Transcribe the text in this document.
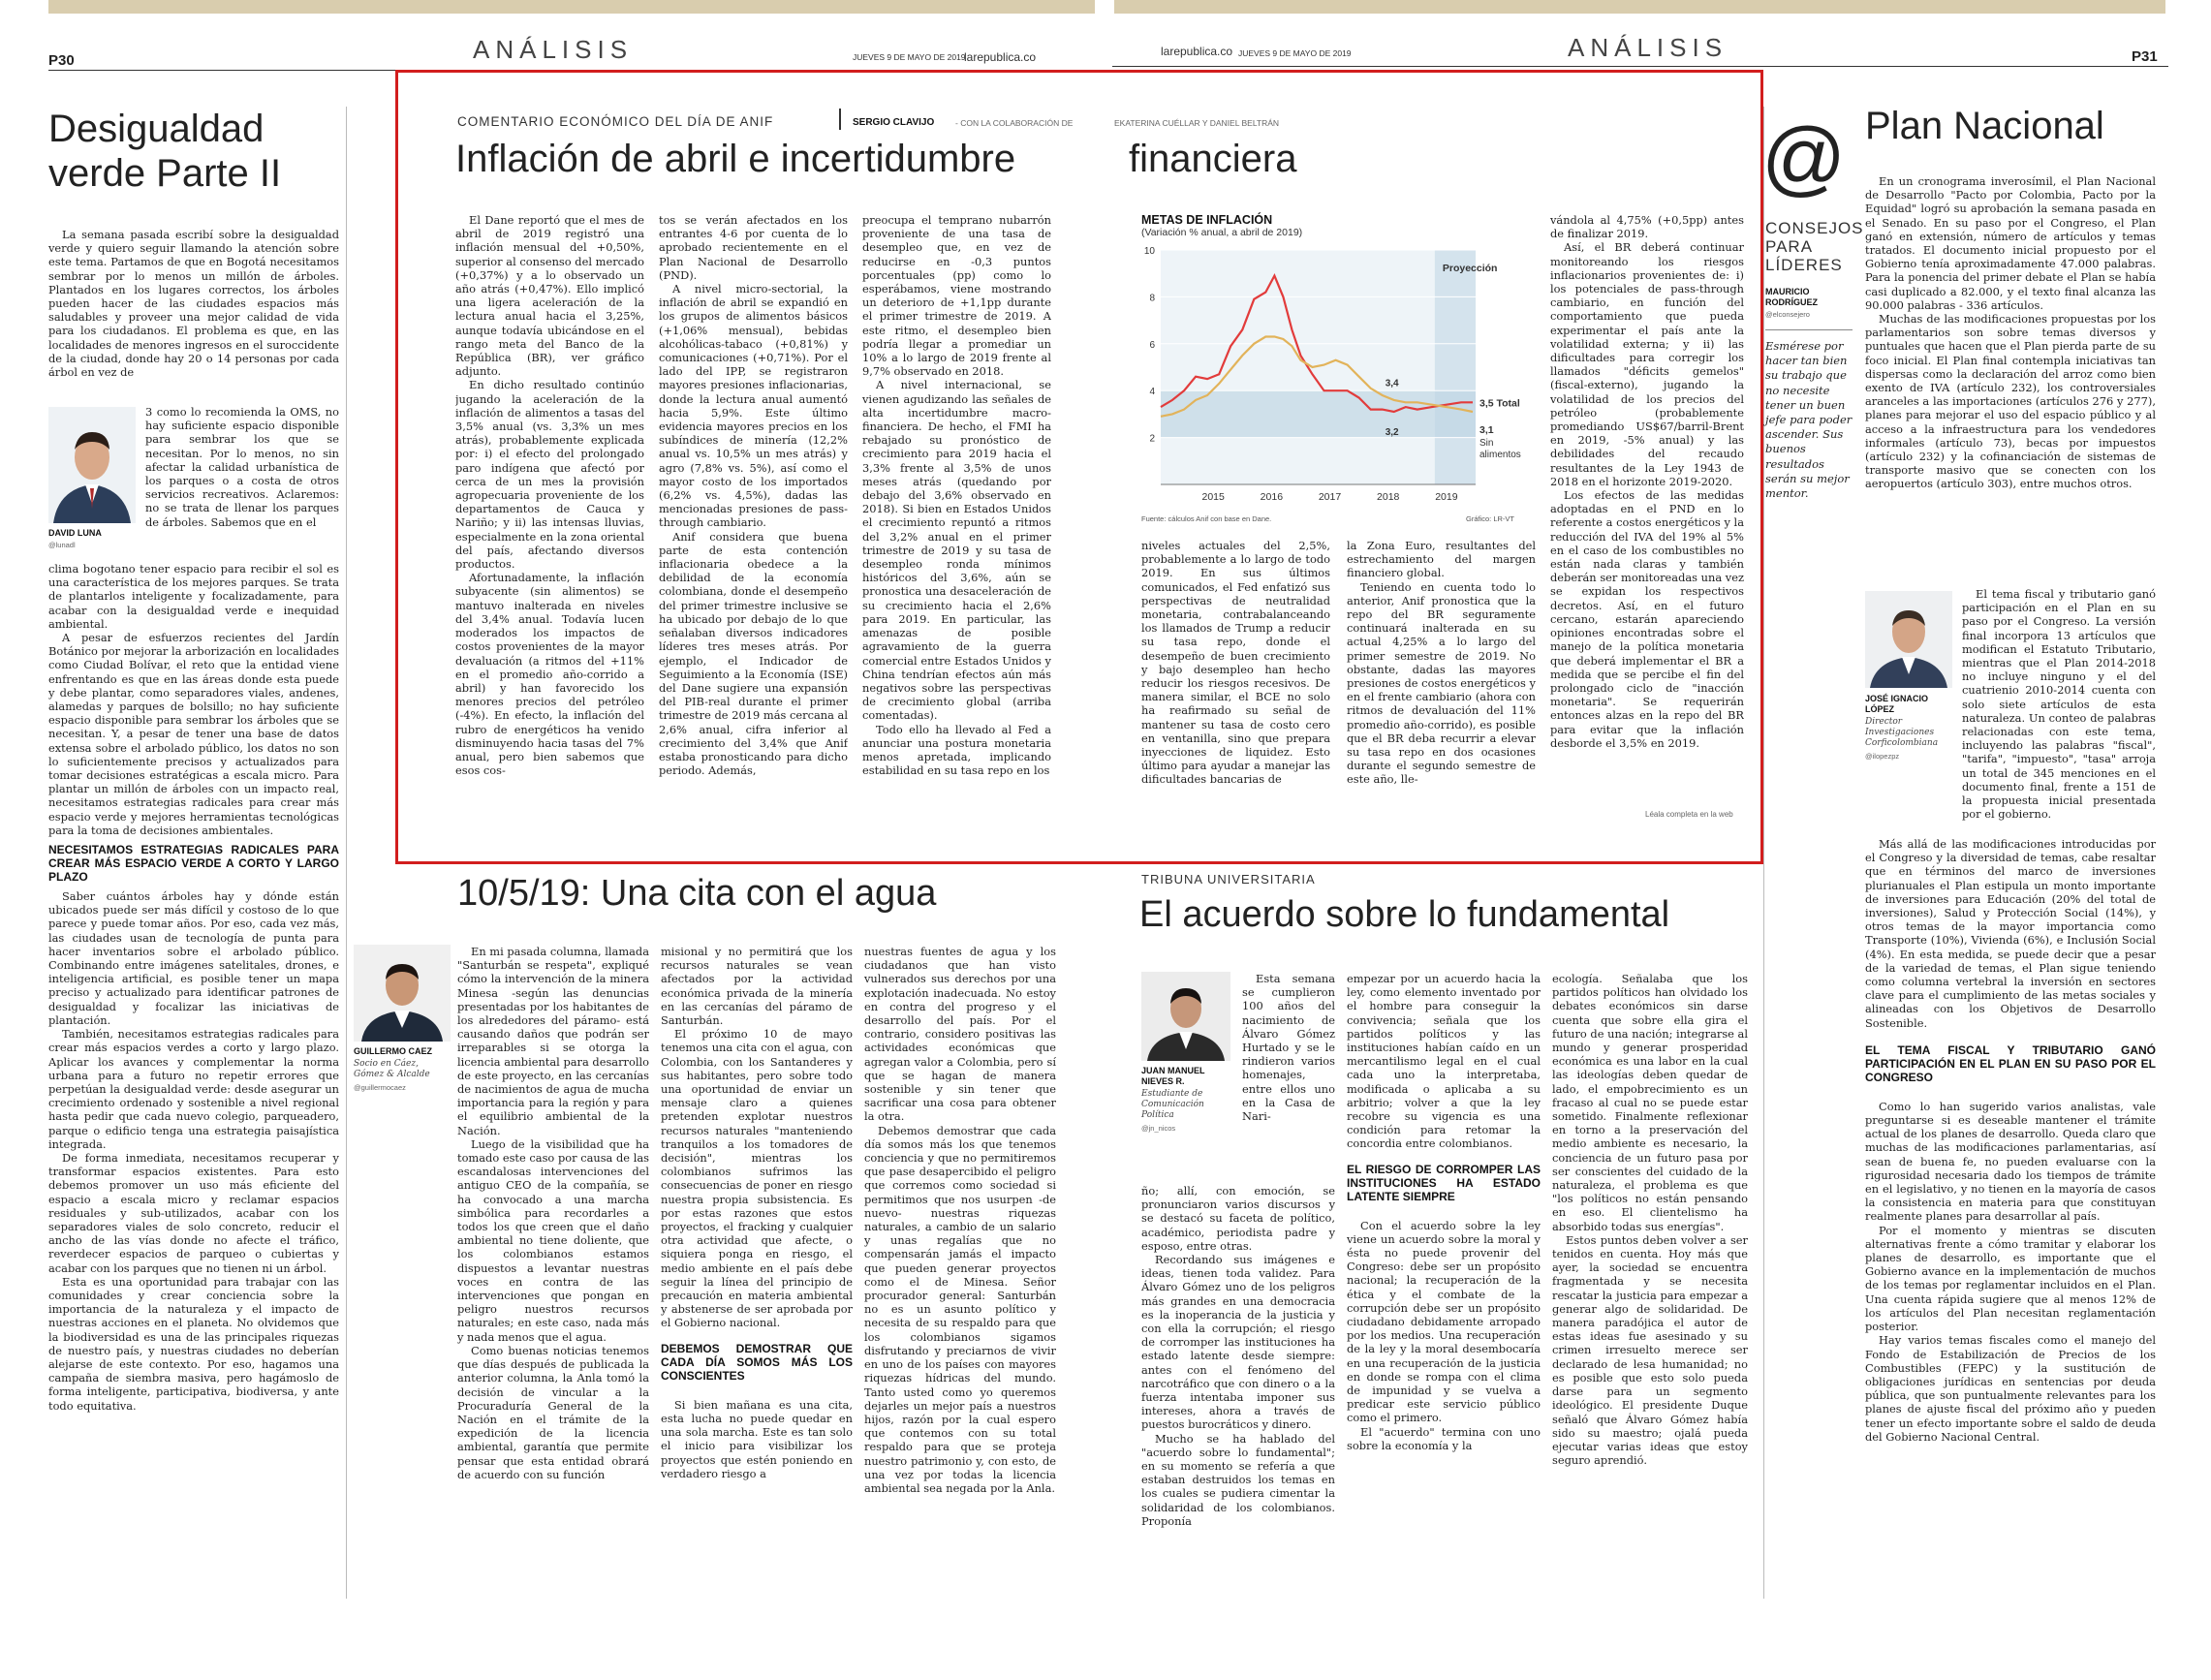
P30	ANÁLISIS	JUEVES 9 DE MAYO DE 2019
larepublica.co	larepublica.co JUEVES 9 DE MAYO DE 2019	ANÁLISIS	P31
Desigualdad
verde Parte II

La semana pasada escribí sobre la desigualdad verde y quiero seguir llamando la atención sobre este tema. Partamos de que en Bogotá necesitamos sembrar por lo menos un millón de árboles. Plantados en los lugares correctos, los árboles pueden hacer de las ciudades espacios más saludables y proveer una mejor calidad de vida para los ciudadanos. El problema es que, en las localidades de menores ingresos en el suroccidente de la ciudad, donde hay 20 o 14 personas por cada árbol en vez de

DAVID LUNA
@lunadl

3 como lo recomienda la OMS, no hay suficiente espacio disponible para sembrar los que se necesitan. Por lo menos, no sin afectar la calidad urbanística de los parques o a costa de otros servicios recreativos. Aclaremos: no se trata de llenar los parques de árboles. Sabemos que en el

clima bogotano tener espacio para recibir el sol es una característica de los mejores parques. Se trata de plantarlos inteligente y focalizadamente, para acabar con la desigualdad verde e inequidad ambiental.

A pesar de esfuerzos recientes del Jardín Botánico por mejorar la arborización en localidades como Ciudad Bolívar, el reto que la entidad viene enfrentando es que en las áreas donde esta puede y debe plantar, como separadores viales, andenes, alamedas y parques de bolsillo; no hay suficiente espacio disponible para sembrar los árboles que se necesitan. Y, a pesar de tener una base de datos extensa sobre el arbolado público, los datos no son lo suficientemente precisos y actualizados para tomar decisiones estratégicas a escala micro. Para plantar un millón de árboles con un impacto real, necesitamos estrategias radicales para crear más espacio verde y mejores herramientas tecnológicas para la toma de decisiones ambientales.

NECESITAMOS ESTRATEGIAS RADICALES PARA CREAR MÁS ESPACIO VERDE A CORTO Y LARGO PLAZO

Saber cuántos árboles hay y dónde están ubicados puede ser más difícil y costoso de lo que parece y puede tomar años. Por eso, cada vez más, las ciudades usan de tecnología de punta para hacer inventarios sobre el arbolado público. Combinando entre imágenes satelitales, drones, e inteligencia artificial, es posible tener un mapa preciso y actualizado para identificar patrones de desigualdad y focalizar las iniciativas de plantación.

También, necesitamos estrategias radicales para crear más espacios verdes a corto y largo plazo. Aplicar los avances y complementar la norma urbana para a futuro no repetir errores que perpetúan la desigualdad verde: desde asegurar un crecimiento ordenado y sostenible a nivel regional hasta pedir que cada nuevo colegio, parqueadero, parque o edificio tenga una estrategia paisajística integrada.

De forma inmediata, necesitamos recuperar y transformar espacios existentes. Para esto debemos promover un uso más eficiente del espacio a escala micro y reclamar espacios residuales y sub-utilizados, acabar con los separadores viales de solo concreto, reducir el ancho de las vías donde no afecte el tráfico, reverdecer espacios de parqueo o cubiertas y acabar con los parques que no tienen ni un árbol.

Esta es una oportunidad para trabajar con las comunidades y crear conciencia sobre la importancia de la naturaleza y el impacto de nuestras acciones en el planeta. No olvidemos que la biodiversidad es una de las principales riquezas de nuestro país, y nuestras ciudades no deberían alejarse de este contexto. Por eso, hagamos una campaña de siembra masiva, pero hagámoslo de forma inteligente, participativa, biodiversa, y ante todo equitativa.

COMENTARIO ECONÓMICO DEL DÍA DE ANIF	SERGIO CLAVIJO	- CON LA COLABORACIÓN DE	EKATERINA CUÉLLAR Y DANIEL BELTRÁN
Inflación de abril e incertidumbre	financiera

El Dane reportó que el mes de abril de 2019 registró una inflación mensual del +0,50%, superior al consenso del mercado (+0,37%) y a lo observado un año atrás (+0,47%). Ello implicó una ligera aceleración de la lectura anual hacia el 3,25%, aunque todavía ubicándose en el rango meta del Banco de la República (BR), ver gráfico adjunto.

En dicho resultado continúo jugando la aceleración de la inflación de alimentos a tasas del 3,5% anual (vs. 3,3% un mes atrás), probablemente explicada por: i) el efecto del prolongado paro indígena que afectó por cerca de un mes la provisión agropecuaria proveniente de los departamentos de Cauca y Nariño; y ii) las intensas lluvias, especialmente en la zona oriental del país, afectando diversos productos.

Afortunadamente, la inflación subyacente (sin alimentos) se mantuvo inalterada en niveles del 3,4% anual. Todavía lucen moderados los impactos de costos provenientes de la mayor devaluación (a ritmos del +11% en el promedio año-corrido a abril) y han favorecido los menores precios del petróleo (-4%). En efecto, la inflación del rubro de energéticos ha venido disminuyendo hacia tasas del 7% anual, pero bien sabemos que esos cos-

tos se verán afectados en los entrantes 4-6 por cuenta de lo aprobado recientemente en el Plan Nacional de Desarrollo (PND).

A nivel micro-sectorial, la inflación de abril se expandió en los grupos de alimentos básicos (+1,06% mensual), bebidas alcohólicas-tabaco (+0,81%) y comunicaciones (+0,71%). Por el lado del IPP, se registraron mayores presiones inflacionarias, donde la lectura anual aumentó hacia 5,9%. Este último evidencia mayores precios en los subíndices de minería (12,2% anual vs. 10,5% un mes atrás) y agro (7,8% vs. 5%), así como el mayor costo de los importados (6,2% vs. 4,5%), dadas las mencionadas presiones de pass-through cambiario.

Anif considera que buena parte de esta contención inflacionaria obedece a la debilidad de la economía colombiana, donde el desempeño del primer trimestre inclusive se ha ubicado por debajo de lo que señalaban diversos indicadores líderes tres meses atrás. Por ejemplo, el Indicador de Seguimiento a la Economía (ISE) del Dane sugiere una expansión del PIB-real durante el primer trimestre de 2019 más cercana al 2,6% anual, cifra inferior al crecimiento del 3,4% que Anif estaba pronosticando para dicho periodo. Además,

preocupa el temprano nubarrón proveniente de una tasa de desempleo que, en vez de reducirse en -0,3 puntos porcentuales (pp) como lo esperábamos, viene mostrando un deterioro de +1,1pp durante el primer trimestre de 2019. A este ritmo, el desempleo bien podría llegar a promediar un 10% a lo largo de 2019 frente al 9,7% observado en 2018.

A nivel internacional, se vienen agudizando las señales de alta incertidumbre macro-financiera. De hecho, el FMI ha rebajado su pronóstico de crecimiento para 2019 hacia el 3,3% frente al 3,5% de unos meses atrás (quedando por debajo del 3,6% observado en 2018). Si bien en Estados Unidos el crecimiento repuntó a ritmos del 3,2% anual en el primer trimestre de 2019 y su tasa de desempleo ronda mínimos históricos del 3,6%, aún se pronostica una desaceleración de su crecimiento hacia el 2,6% para 2019. En particular, las amenazas de posible agravamiento de la guerra comercial entre Estados Unidos y China tendrían efectos aún más negativos sobre las perspectivas de crecimiento global (arriba comentadas).

Todo ello ha llevado al Fed a anunciar una postura monetaria menos apretada, implicando estabilidad en su tasa repo en los

METAS DE INFLACIÓN
(Variación % anual, a abril de 2019)
2
4
6
8
10
2015	2016	2017	2018	2019
Proyección
3,5 Total
3,1
Sin
alimentos
3,4
3,2
Fuente: cálculos Anif con base en Dane.	Gráfico: LR-VT

niveles actuales del 2,5%, probablemente a lo largo de todo 2019. En sus últimos comunicados, el Fed enfatizó sus perspectivas de neutralidad monetaria, contrabalanceando los llamados de Trump a reducir su tasa repo, donde el desempeño de buen crecimiento y bajo desempleo han hecho reducir los riesgos recesivos. De manera similar, el BCE no solo ha reafirmado su señal de mantener su tasa de costo cero en ventanilla, sino que prepara inyecciones de liquidez. Esto último para ayudar a manejar las dificultades bancarias de

la Zona Euro, resultantes del estrechamiento del margen financiero global.

Teniendo en cuenta todo lo anterior, Anif pronostica que la repo del BR seguramente continuará inalterada en su actual 4,25% a lo largo del primer semestre de 2019. No obstante, dadas las mayores presiones de costos energéticos y en el frente cambiario (ahora con ritmos de devaluación del 11% promedio año-corrido), es posible que el BR deba recurrir a elevar su tasa repo en dos ocasiones durante el segundo semestre de este año, lle-

vándola al 4,75% (+0,5pp) antes de finalizar 2019.

Así, el BR deberá continuar monitoreando los riesgos inflacionarios provenientes de: i) los potenciales de pass-through cambiario, en función del comportamiento que pueda experimentar el país ante la volatilidad externa; y ii) las dificultades para corregir los llamados "déficits gemelos" (fiscal-externo), jugando la volatilidad de los precios del petróleo (probablemente promediando US$67/barril-Brent en 2019, -5% anual) y las debilidades del recaudo resultantes de la Ley 1943 de 2018 en el horizonte 2019-2020.

Los efectos de las medidas adoptadas en el PND en lo referente a costos energéticos y la reducción del IVA del 19% al 5% en el caso de los combustibles no están nada claras y también deberán ser monitoreadas una vez se expidan los respectivos decretos. Así, en el futuro cercano, estarán apareciendo opiniones encontradas sobre el manejo de la política monetaria que deberá implementar el BR a medida que se percibe el fin del prolongado ciclo de "inacción monetaria". Se requerirán entonces alzas en la repo del BR para evitar que la inflación desborde el 3,5% en 2019.

Léala completa en la web
10/5/19: Una cita con el agua
GUILLERMO CAEZ
Socio en Cáez, Gómez & Alcalde
@guillermocaez

En mi pasada columna, llamada "Santurbán se respeta", expliqué cómo la intervención de la minera Minesa -según las denuncias presentadas por los habitantes de los alrededores del páramo- está causando daños que podrán ser irreparables si se otorga la licencia ambiental para desarrollo de este proyecto, en las cercanías de nacimientos de agua de mucha importancia para la región y para el equilibrio ambiental de la Nación.

Luego de la visibilidad que ha tomado este caso por causa de las escandalosas intervenciones del antiguo CEO de la compañía, se ha convocado a una marcha simbólica para recordarles a todos los que creen que el daño ambiental no tiene doliente, que los colombianos estamos dispuestos a levantar nuestras voces en contra de las intervenciones que pongan en peligro nuestros recursos naturales; en este caso, nada más y nada menos que el agua.

Como buenas noticias tenemos que días después de publicada la anterior columna, la Anla tomó la decisión de vincular a la Procuraduría General de la Nación en el trámite de la expedición de la licencia ambiental, garantía que permite pensar que esta entidad obrará de acuerdo con su función

misional y no permitirá que los recursos naturales se vean afectados por la actividad económica privada de la minería en las cercanías del páramo de Santurbán.

El próximo 10 de mayo tenemos una cita con el agua, con Colombia, con los Santanderes y sus habitantes, pero sobre todo una oportunidad de enviar un mensaje claro a quienes pretenden explotar nuestros recursos naturales "manteniendo tranquilos a los tomadores de decisión", mientras los colombianos sufrimos las consecuencias de poner en riesgo nuestra propia subsistencia. Es por estas razones que estos proyectos, el fracking y cualquier otra actividad que afecte, o siquiera ponga en riesgo, el medio ambiente en el país debe seguir la línea del principio de precaución en materia ambiental y abstenerse de ser aprobada por el Gobierno nacional.

DEBEMOS DEMOSTRAR QUE CADA DÍA SOMOS MÁS LOS CONSCIENTES

Si bien mañana es una cita, esta lucha no puede quedar en una sola marcha. Este es tan solo el inicio para visibilizar los proyectos que estén poniendo en verdadero riesgo a

nuestras fuentes de agua y los ciudadanos que han visto vulnerados sus derechos por una explotación inadecuada. No estoy en contra del progreso y el desarrollo del país. Por el contrario, considero positivas las actividades económicas que agregan valor a Colombia, pero sí que se hagan de manera sostenible y sin tener que sacrificar una cosa para obtener la otra.

Debemos demostrar que cada día somos más los que tenemos conciencia y que no permitiremos que pase desapercibido el peligro que corremos como sociedad si permitimos que nos usurpen -de nuevo- nuestras riquezas naturales, a cambio de un salario y unas regalías que no compensarán jamás el impacto que pueden generar proyectos como el de Minesa. Señor procurador general: Santurbán no es un asunto político y necesita de su respaldo para que los colombianos sigamos disfrutando y preciarnos de vivir en uno de los países con mayores riquezas hídricas del mundo. Tanto usted como yo queremos dejarles un mejor país a nuestros hijos, razón por la cual espero que contemos con su total respaldo para que se proteja nuestro patrimonio y, con esto, de una vez por todas la licencia ambiental sea negada por la Anla.

TRIBUNA UNIVERSITARIA
El acuerdo sobre lo fundamental
JUAN MANUEL NIEVES R.
Estudiante de Comunicación Política
@jn_nicos

Esta semana se cumplieron 100 años del nacimiento de Álvaro Gómez Hurtado y se le rindieron varios homenajes, entre ellos uno en la Casa de Nari-

ño; allí, con emoción, se pronunciaron varios discursos y se destacó su faceta de político, académico, periodista padre y esposo, entre otras.

Recordando sus imágenes e ideas, tienen toda validez. Para Álvaro Gómez uno de los peligros más grandes en una democracia es la inoperancia de la justicia y con ella la corrupción; el riesgo de corromper las instituciones ha estado latente desde siempre: antes con el fenómeno del narcotráfico que con dinero o a la fuerza intentaba imponer sus intereses, ahora a través de puestos burocráticos y dinero.

Mucho se ha hablado del "acuerdo sobre lo fundamental"; en su momento se refería a que estaban destruidos los temas en los cuales se pudiera cimentar la solidaridad de los colombianos. Proponía

empezar por un acuerdo hacia la ley, como elemento inventado por el hombre para conseguir la convivencia; señala que los partidos políticos y las instituciones habían caído en un mercantilismo legal en el cual cada uno la interpretaba, modificada o aplicaba a su arbitrio; volver a que la ley recobre su vigencia es una condición para retomar la concordia entre colombianos.

EL RIESGO DE CORROMPER LAS INSTITUCIONES HA ESTADO LATENTE SIEMPRE

Con el acuerdo sobre la ley viene un acuerdo sobre la moral y ésta no puede provenir del Congreso: debe ser un propósito nacional; la recuperación de la ética y el combate de la corrupción debe ser un propósito ciudadano debidamente arropado por los medios. Una recuperación de la ley y la moral desembocaría en una recuperación de la justicia en donde se rompa con el clima de impunidad y se vuelva a predicar este servicio público como el primero.

El "acuerdo" termina con uno sobre la economía y la

ecología. Señalaba que los partidos políticos han olvidado los debates económicos sin darse cuenta que sobre ella gira el futuro de una nación; integrarse al mundo y generar prosperidad económica es una labor en la cual las ideologías deben quedar de lado, el empobrecimiento es un fracaso al cual no se puede estar sometido. Finalmente reflexionar en torno a la preservación del medio ambiente es necesario, la conciencia de un futuro pasa por ser conscientes del cuidado de la naturaleza, el problema es que "los políticos no están pensando en eso. El clientelismo ha absorbido todas sus energías".

Estos puntos deben volver a ser tenidos en cuenta. Hoy más que ayer, la sociedad se encuentra fragmentada y se necesita rescatar la justicia para empezar a generar algo de solidaridad. De manera paradójica el autor de estas ideas fue asesinado y su crimen irresuelto merece ser declarado de lesa humanidad; no es posible que esto solo pueda darse para un segmento ideológico. El presidente Duque señaló que Álvaro Gómez había sido su maestro; ojalá pueda ejecutar varias ideas que estoy seguro aprendió.

@
CONSEJOS
PARA
LÍDERES
MAURICIO RODRÍGUEZ
@elconsejero
Esmérese por hacer tan bien su trabajo que no necesite tener un buen jefe para poder ascender. Sus buenos resultados serán su mejor mentor.
Plan Nacional

En un cronograma inverosímil, el Plan Nacional de Desarrollo "Pacto por Colombia, Pacto por la Equidad" logró su aprobación la semana pasada en el Senado. En su paso por el Congreso, el Plan ganó en extensión, número de artículos y temas tratados. El documento inicial propuesto por el Gobierno tenía aproximadamente 47.000 palabras. Para la ponencia del primer debate el Plan se había casi duplicado a 82.000, y el texto final alcanza las 90.000 palabras - 336 artículos.

Muchas de las modificaciones propuestas por los parlamentarios son sobre temas diversos y puntuales que hacen que el Plan pierda parte de su foco inicial. El Plan final contempla iniciativas tan dispersas como la declaración del arroz como bien exento de IVA (artículo 232), los controversiales aranceles a las importaciones (artículos 276 y 277), planes para mejorar el uso del espacio público y al acceso a la infraestructura para los vendedores informales (artículo 73), becas por impuestos (artículo 232) y la cofinanciación de sistemas de transporte masivo que se conecten con los aeropuertos (artículo 303), entre muchos otros.

JOSÉ IGNACIO LÓPEZ
Director Investigaciones Corficolombiana
@ilopezpz

El tema fiscal y tributario ganó participación en el Plan en su paso por el Congreso. La versión final incorpora 13 artículos que modifican el Estatuto Tributario, mientras que el Plan 2014-2018 no incluye ninguno y el del cuatrienio 2010-2014 cuenta con solo siete artículos de esta naturaleza. Un conteo de palabras relacionadas con este tema, incluyendo las palabras "fiscal", "tarifa", "impuesto", "tasa" arroja un total de 345 menciones en el documento final, frente a 151 de la propuesta inicial presentada por el gobierno.

Más allá de las modificaciones introducidas por el Congreso y la diversidad de temas, cabe resaltar que en términos del marco de inversiones plurianuales el Plan estipula un monto importante de inversiones para Educación (20% del total de inversiones), Salud y Protección Social (14%), y otros temas de la mayor importancia como Transporte (10%), Vivienda (6%), e Inclusión Social (4%). En esta medida, se puede decir que a pesar de la variedad de temas, el Plan sigue teniendo como columna vertebral la inversión en sectores clave para el cumplimiento de las metas sociales y alineadas con los Objetivos de Desarrollo Sostenible.

EL TEMA FISCAL Y TRIBUTARIO GANÓ PARTICIPACIÓN EN EL PLAN EN SU PASO POR EL CONGRESO

Como lo han sugerido varios analistas, vale preguntarse si es deseable mantener el trámite actual de los planes de desarrollo. Queda claro que muchas de las modificaciones parlamentarias, así sean de buena fe, no pueden evaluarse con la rigurosidad necesaria dado los tiempos de trámite en el legislativo, y no tienen en la mayoría de casos la consistencia en materia para que constituyan realmente planes para desarrollar al país.

Por el momento y mientras se discuten alternativas frente a cómo tramitar y elaborar los planes de desarrollo, es importante que el Gobierno avance en la implementación de muchos de los temas por reglamentar incluidos en el Plan. Una cuenta rápida sugiere que al menos 12% de los artículos del Plan necesitan reglamentación posterior.

Hay varios temas fiscales como el manejo del Fondo de Estabilización de Precios de los Combustibles (FEPC) y la sustitución de obligaciones jurídicas en sentencias por deuda pública, que son puntualmente relevantes para los planes de ajuste fiscal del próximo año y pueden tener un efecto importante sobre el saldo de deuda del Gobierno Nacional Central.
